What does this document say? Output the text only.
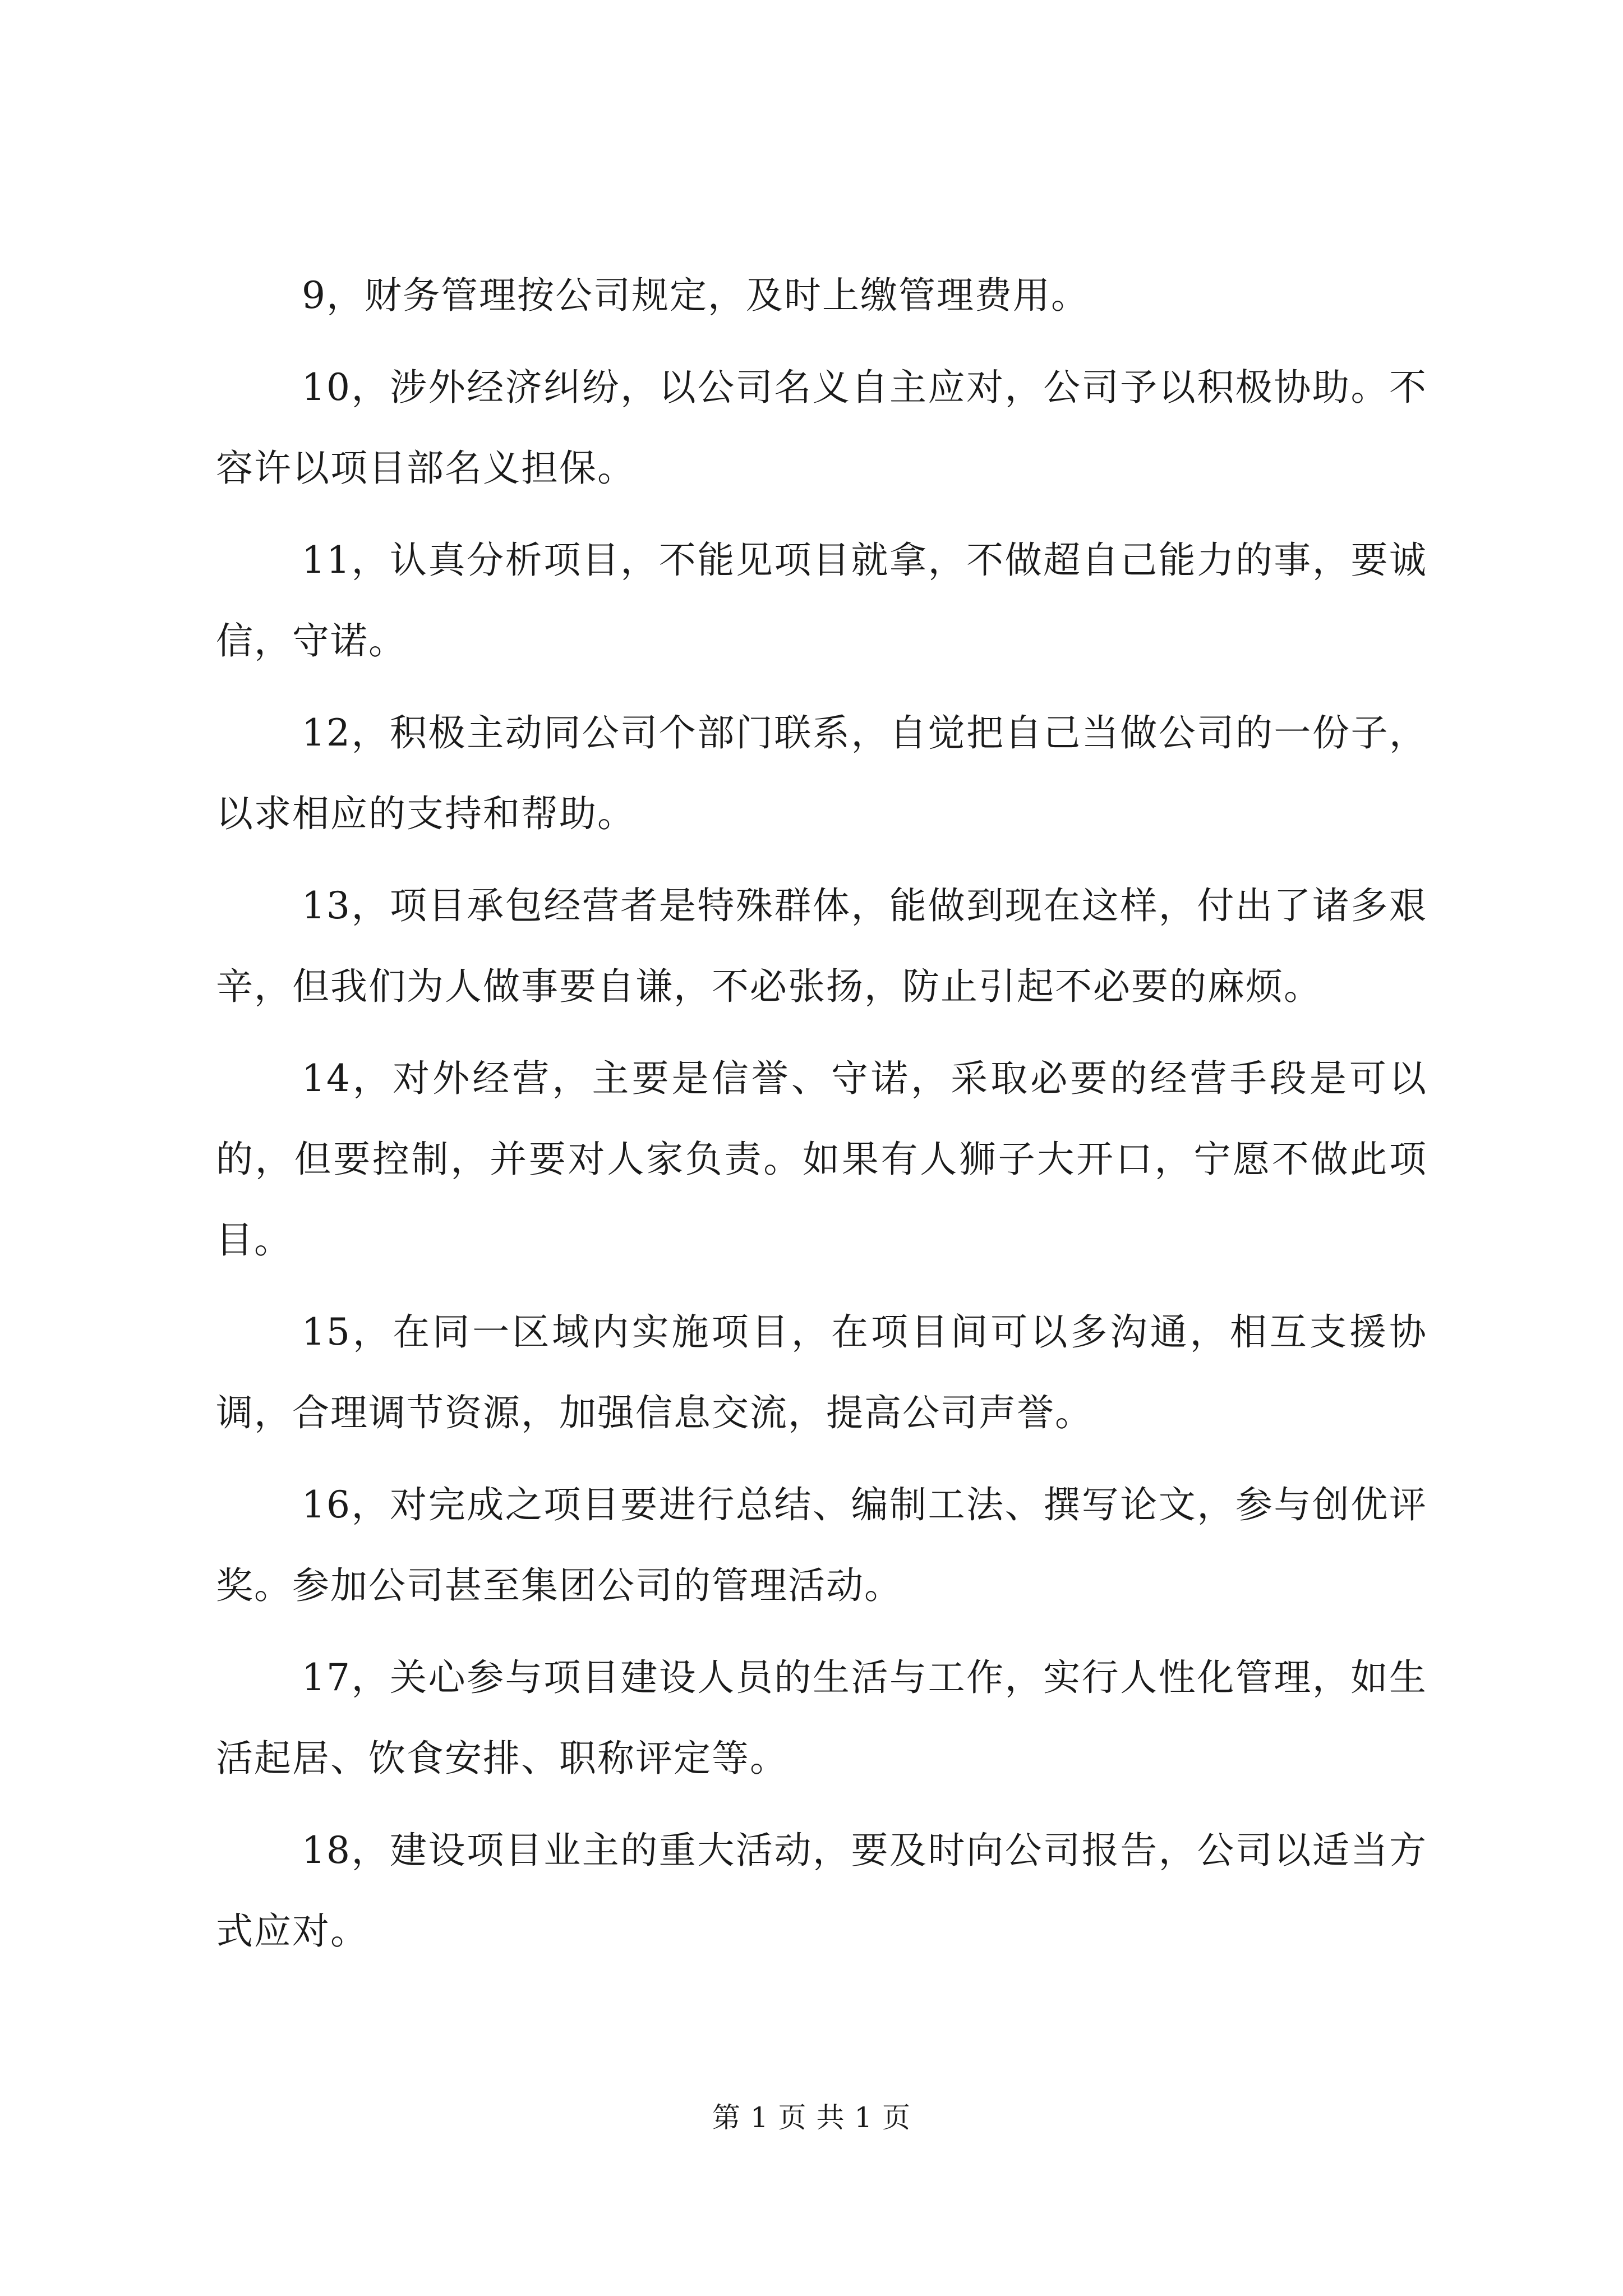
9，财务管理按公司规定，及时上缴管理费用。

10，涉外经济纠纷，以公司名义自主应对，公司予以积极协助。不容许以项目部名义担保。

11，认真分析项目，不能见项目就拿，不做超自己能力的事，要诚信，守诺。

12，积极主动同公司个部门联系，自觉把自己当做公司的一份子，以求相应的支持和帮助。

13，项目承包经营者是特殊群体，能做到现在这样，付出了诸多艰辛，但我们为人做事要自谦，不必张扬，防止引起不必要的麻烦。

14，对外经营，主要是信誉、守诺，采取必要的经营手段是可以的，但要控制，并要对人家负责。如果有人狮子大开口，宁愿不做此项目。

15，在同一区域内实施项目，在项目间可以多沟通，相互支援协调，合理调节资源，加强信息交流，提高公司声誉。

16，对完成之项目要进行总结、编制工法、撰写论文，参与创优评奖。参加公司甚至集团公司的管理活动。

17，关心参与项目建设人员的生活与工作，实行人性化管理，如生活起居、饮食安排、职称评定等。

18，建设项目业主的重大活动，要及时向公司报告，公司以适当方式应对。

第 1 页 共 1 页
